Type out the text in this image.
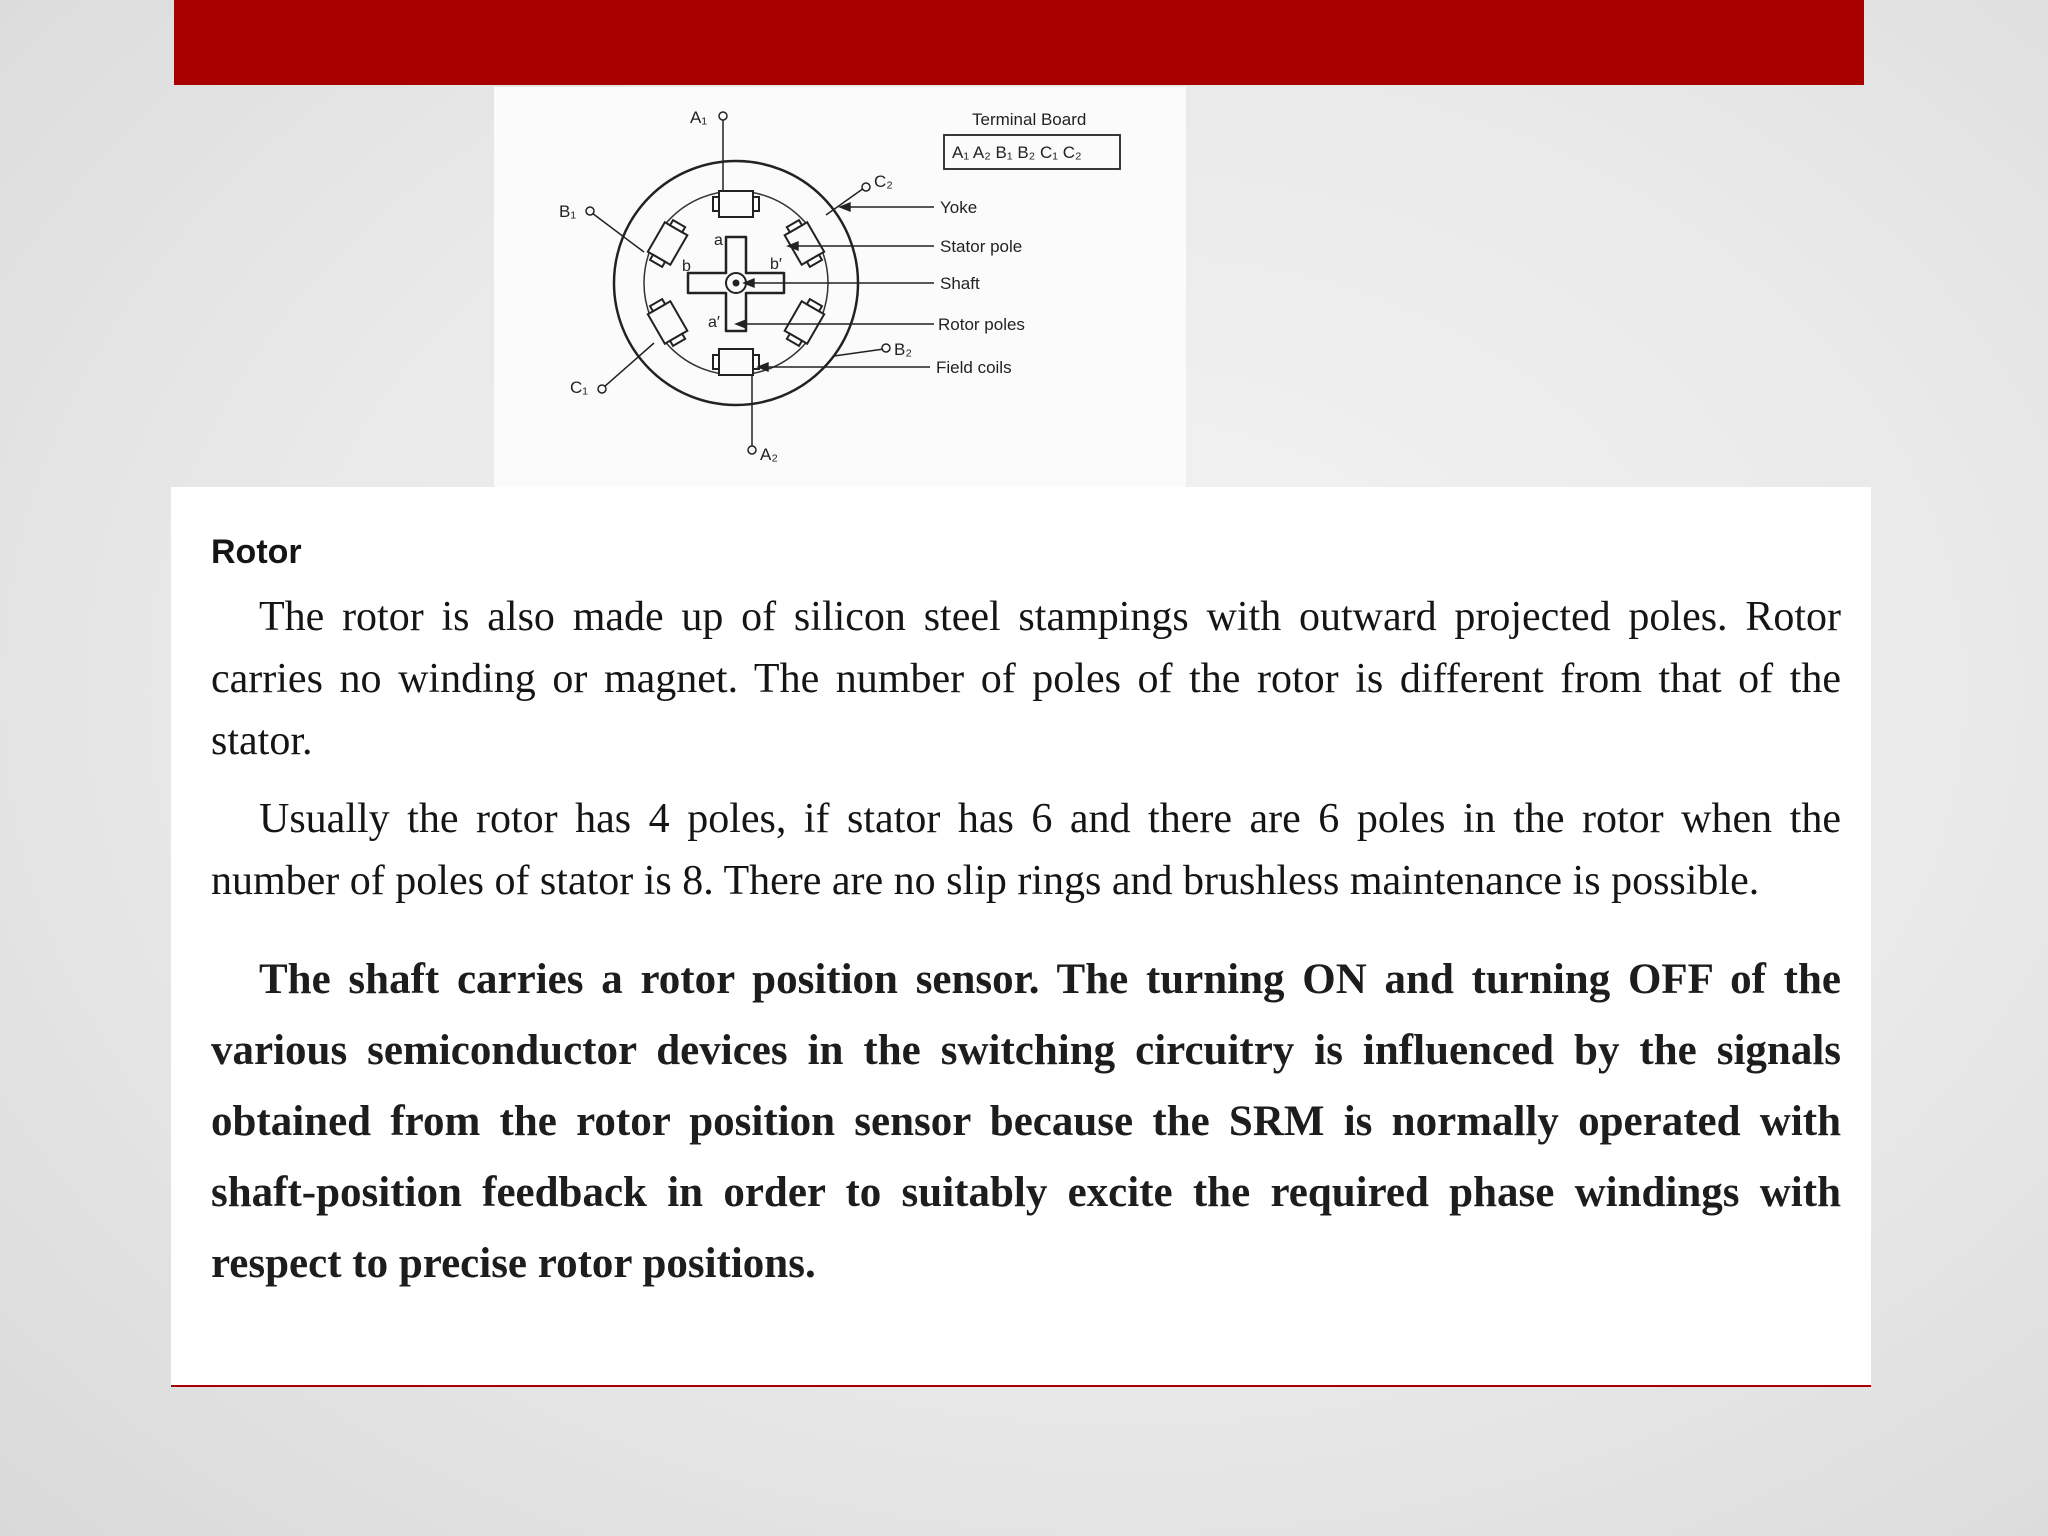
A₁
A₂
B₁
B₂
C₁
C₂
a
a′
b	b′
Terminal Board
A₁ A₂ B₁ B₂ C₁ C₂
Yoke
Stator pole
Shaft
Rotor poles
Field coils
Rotor

The rotor is also made up of silicon steel stampings with outward projected poles. Rotor carries no winding or magnet. The number of poles of the rotor is different from that of the stator.

Usually the rotor has 4 poles, if stator has 6 and there are 6 poles in the rotor when the number of poles of stator is 8. There are no slip rings and brushless maintenance is possible.

The shaft carries a rotor position sensor. The turning ON and turning OFF of the various semiconductor devices in the switching circuitry is influenced by the signals obtained from the rotor position sensor because the SRM is normally operated with shaft-position feedback in order to suitably excite the required phase windings with respect to precise rotor positions.
